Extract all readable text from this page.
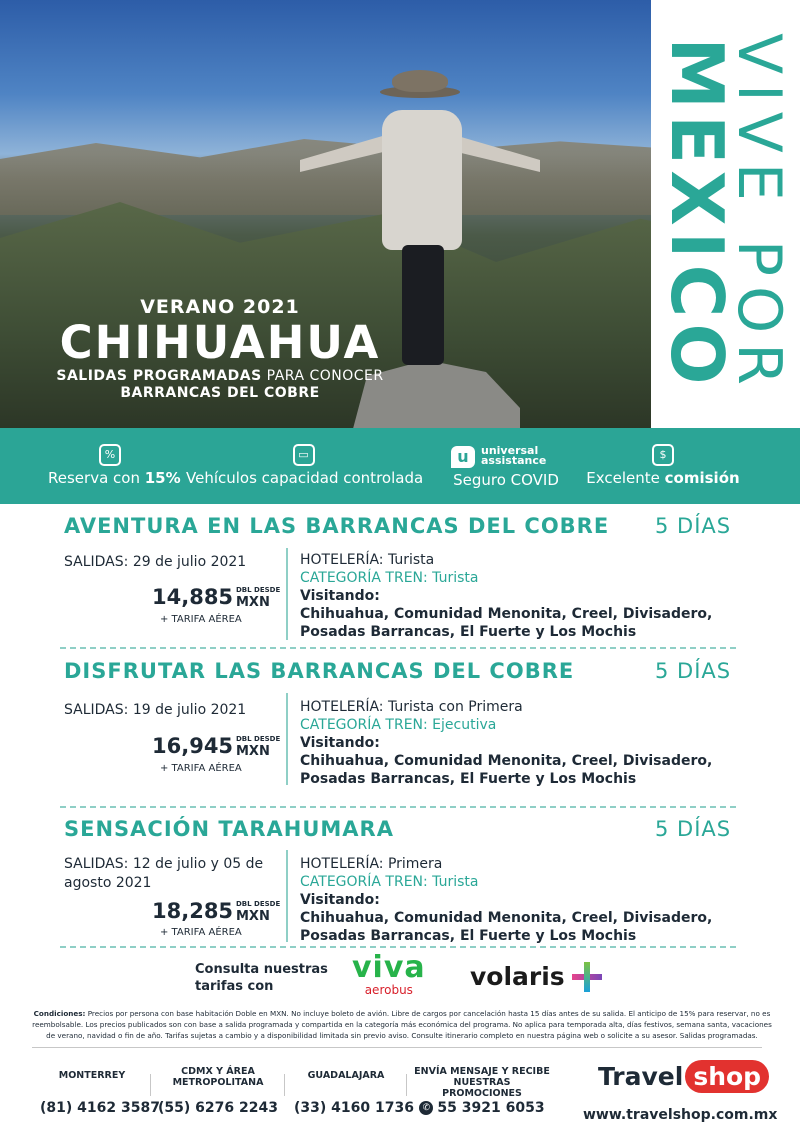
VERANO 2021
CHIHUAHUA
SALIDAS PROGRAMADAS PARA CONOCER
BARRANCAS DEL COBRE	VIVE POR
MEXICO
%
Reserva con 15%
▭
Vehículos capacidad controlada
u	universal assistance
Seguro COVID
$
Excelente comisión
AVENTURA EN LAS BARRANCAS DEL COBRE 5 DÍAS
SALIDAS: 29 de julio 2021
14,885 DBL DESDE
MXN
+ TARIFA AÉREA
HOTELERÍA: Turista
CATEGORÍA TREN: Turista
Visitando:
Chihuahua, Comunidad Menonita, Creel, Divisadero,
Posadas Barrancas, El Fuerte y Los Mochis
DISFRUTAR LAS BARRANCAS DEL COBRE	5 DÍAS
SALIDAS: 19 de julio 2021
16,945 DBL DESDE
MXN
+ TARIFA AÉREA
HOTELERÍA: Turista con Primera
CATEGORÍA TREN: Ejecutiva
Visitando:
Chihuahua, Comunidad Menonita, Creel, Divisadero,
Posadas Barrancas, El Fuerte y Los Mochis
SENSACIÓN TARAHUMARA	5 DÍAS
SALIDAS: 12 de julio y 05 de agosto 2021
18,285 DBL DESDE
MXN
+ TARIFA AÉREA
HOTELERÍA: Primera
CATEGORÍA TREN: Turista
Visitando:
Chihuahua, Comunidad Menonita, Creel, Divisadero,
Posadas Barrancas, El Fuerte y Los Mochis
Consulta nuestras tarifas con
viva
aerobus	volaris
Condiciones: Precios por persona con base habitación Doble en MXN. No incluye boleto de avión. Libre de cargos por cancelación hasta 15 días antes de su salida. El anticipo de 15% para reservar, no es reembolsable. Los precios publicados son con base a salida programada y compartida en la categoría más económica del programa. No aplica para temporada alta, días festivos, semana santa, vacaciones de verano, navidad o fin de año. Tarifas sujetas a cambio y a disponibilidad limitada sin previo aviso. Consulte itinerario completo en nuestra página web o solicite a su asesor. Salidas programadas.
MONTERREY
(81) 4162 3587
CDMX Y ÁREA METROPOLITANA
(55) 6276 2243
GUADALAJARA
(33) 4160 1736
ENVÍA MENSAJE Y RECIBE NUESTRAS PROMOCIONES
✆ 55 3921 6053
Travel shop
www.travelshop.com.mx
